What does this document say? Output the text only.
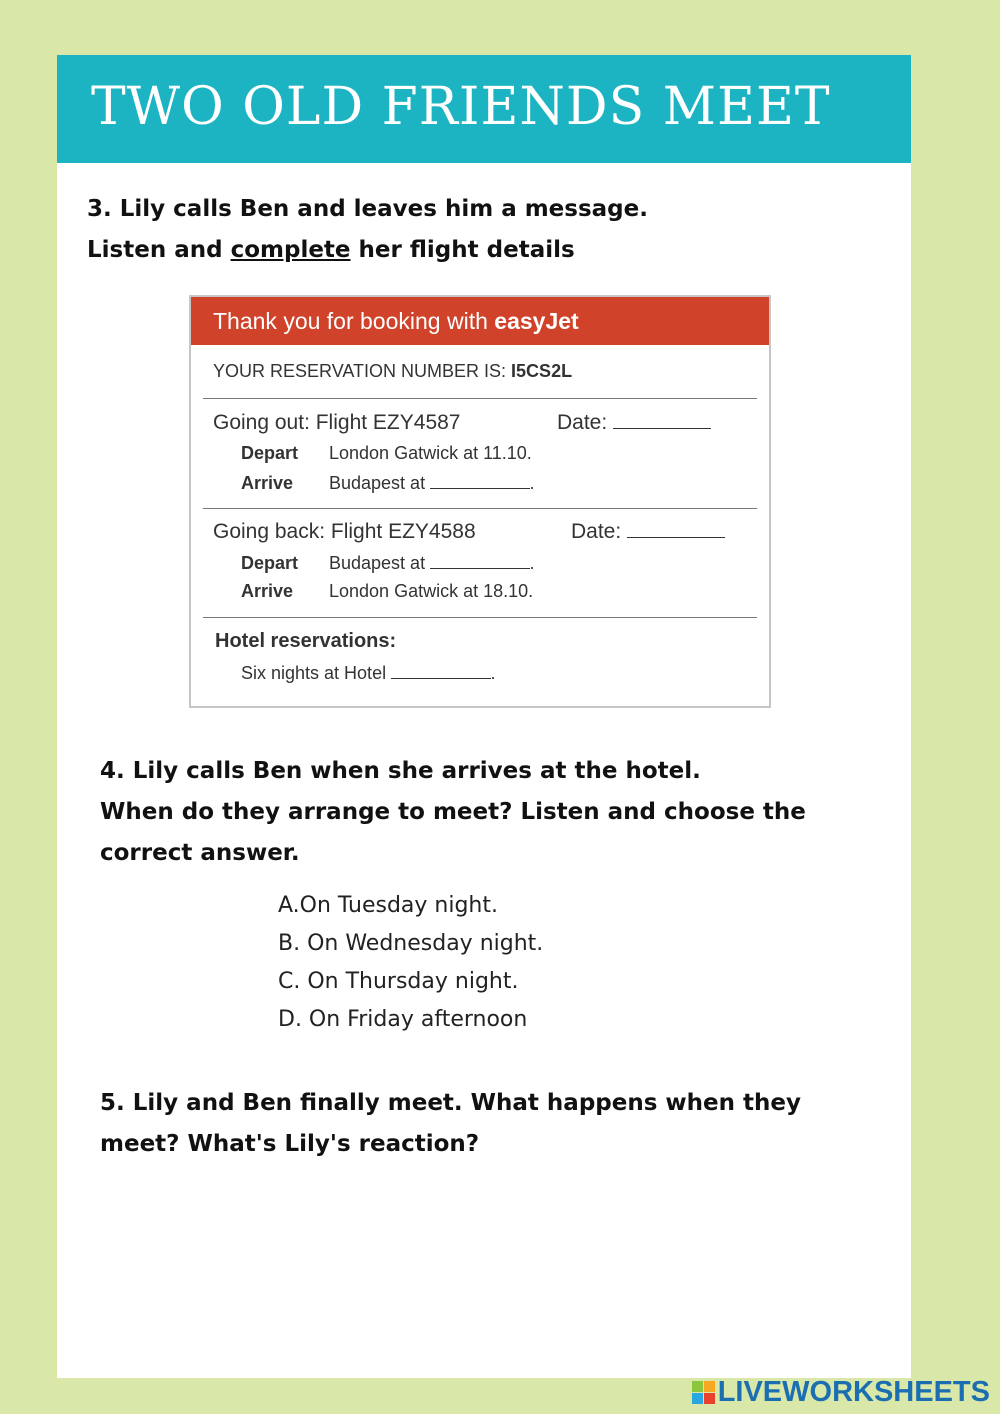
TWO OLD FRIENDS MEET
3. Lily calls Ben and leaves him a message.
Listen and complete her flight details
Thank you for booking with easyJet
YOUR RESERVATION NUMBER IS: I5CS2L
Going out: Flight EZY4587	Date:
Depart London Gatwick at 11.10.
Arrive Budapest at	.
Going back: Flight EZY4588	Date:
Depart Budapest at	.
Arrive London Gatwick at 18.10.
Hotel reservations:
Six nights at Hotel	.
4. Lily calls Ben when she arrives at the hotel.
When do they arrange to meet? Listen and choose the
correct answer.
A.On Tuesday night.
B. On Wednesday night.
C. On Thursday night.
D. On Friday afternoon
5. Lily and Ben finally meet. What happens when they
meet? What's Lily's reaction?
LIVEWORKSHEETS
